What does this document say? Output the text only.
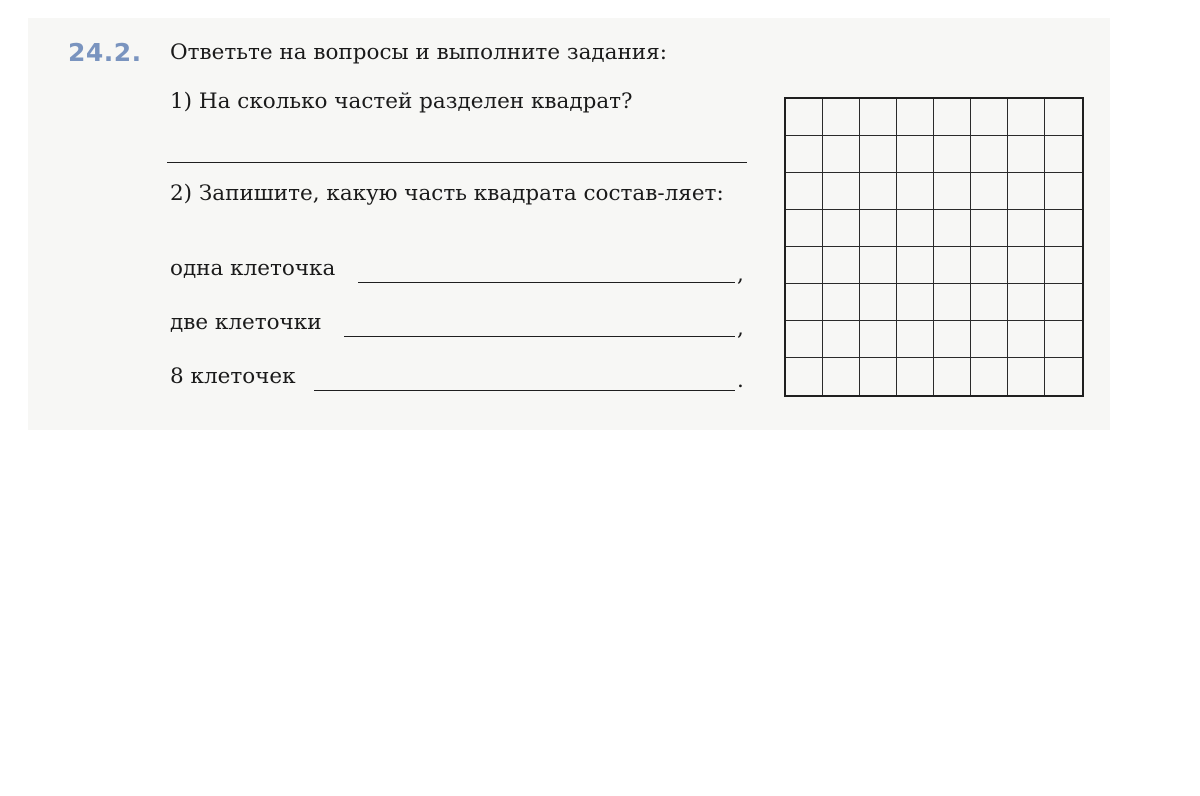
24.2. Ответьте на вопросы и выполните задания:
1) На сколько частей разделен квадрат?
2) Запишите, какую часть квадрата состав-ляет:
одна клеточка	,
две клеточки	,
8 клеточек	.
